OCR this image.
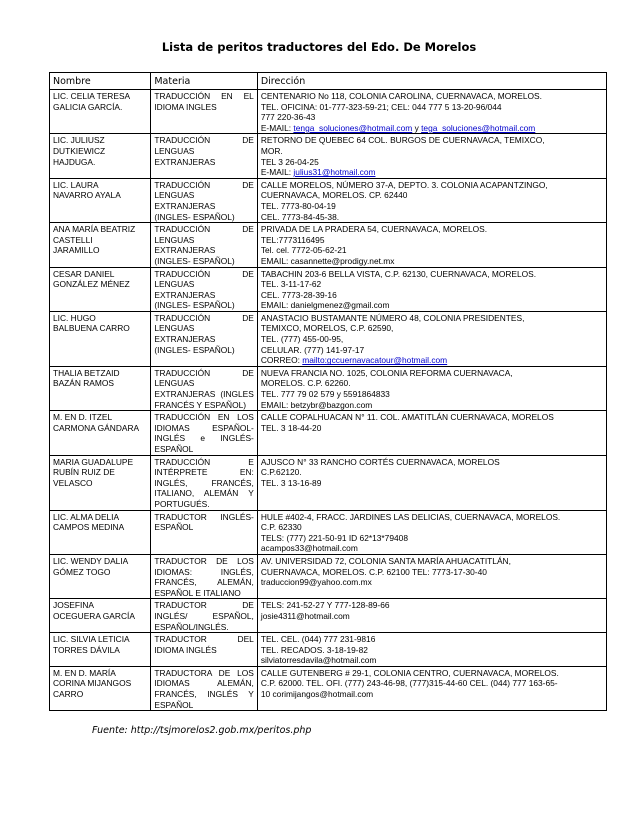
Lista de peritos traductores del Edo. De Morelos
Nombre	Materia	Dirección

LIC. CELIA TERESA
GALICIA GARCÍA.	TRADUCCIÓN EN EL IDIOMA INGLES	CENTENARIO No 118, COLONIA CAROLINA, CUERNAVACA, MORELOS.
TEL. OFICINA: 01-777-323-59-21; CEL: 044 777 5 13-20-96/044
777 220-36-43
E-MAIL: tenga_soluciones@hotmail.com y tega_soluciones@hotmail.com

LIC. JULIUSZ
DUTKIEWICZ
HAJDUGA.	TRADUCCIÓN DE LENGUAS EXTRANJERAS	RETORNO DE QUEBEC 64 COL. BURGOS DE CUERNAVACA, TEMIXCO,
MOR.
TEL 3 26-04-25
E-MAIL: julius31@hotmail.com

LIC. LAURA
NAVARRO AYALA	TRADUCCIÓN DE LENGUAS EXTRANJERAS (INGLES- ESPAÑOL)	CALLE MORELOS, NÚMERO 37-A, DEPTO. 3. COLONIA ACAPANTZINGO,
CUERNAVACA, MORELOS. CP. 62440
TEL. 7773-80-04-19
CEL. 7773-84-45-38.

ANA MARÍA BEATRIZ
CASTELLI
JARAMILLO	TRADUCCIÓN DE LENGUAS EXTRANJERAS (INGLES- ESPAÑOL)	PRIVADA DE LA PRADERA 54, CUERNAVACA, MORELOS.
TEL:7773116495
Tel. cel. 7772-05-62-21
EMAIL: casannette@prodigy.net.mx

CESAR DANIEL
GONZÁLEZ MÉNEZ	TRADUCCIÓN DE LENGUAS EXTRANJERAS (INGLES- ESPAÑOL)	TABACHIN 203-6 BELLA VISTA, C.P. 62130, CUERNAVACA, MORELOS.
TEL. 3-11-17-62
CEL. 7773-28-39-16
EMAIL: danielgmenez@gmail.com

LIC. HUGO
BALBUENA CARRO	TRADUCCIÓN DE LENGUAS EXTRANJERAS (INGLES- ESPAÑOL)	ANASTACIO BUSTAMANTE NÚMERO 48, COLONIA PRESIDENTES,
TEMIXCO, MORELOS, C.P. 62590,
TEL. (777) 455-00-95,
CELULAR. (777) 141-97-17
CORREO: mailto:gccuernavacatour@hotmail.com

THALIA BETZAID
BAZÁN RAMOS	TRADUCCIÓN DE LENGUAS EXTRANJERAS (INGLES FRANCÉS Y ESPAÑOL)	NUEVA FRANCIA NO. 1025, COLONIA REFORMA CUERNAVACA,
MORELOS. C.P. 62260.
TEL. 777 79 02 579 y 5591864833
EMAIL: betzybr@bazgon.com

M. EN D. ITZEL
CARMONA GÁNDARA	TRADUCCIÓN EN LOS IDIOMAS ESPAÑOL-INGLÉS e INGLÉS- ESPAÑOL	CALLE COPALHUACAN N° 11. COL. AMATITLÁN CUERNAVACA, MORELOS
TEL. 3 18-44-20

MARIA GUADALUPE
RUBÍN RUIZ DE
VELASCO	TRADUCCIÓN E INTÉRPRETE EN: INGLÉS, FRANCÉS, ITALIANO, ALEMÁN Y PORTUGUÉS.	AJUSCO N° 33 RANCHO CORTÉS CUERNAVACA, MORELOS
C.P.62120.
TEL. 3 13-16-89

LIC. ALMA DELIA
CAMPOS MEDINA	TRADUCTOR INGLÉS- ESPAÑOL	HULE #402-4, FRACC. JARDINES LAS DELICIAS, CUERNAVACA, MORELOS.
C.P. 62330
TELS: (777) 221-50-91 ID 62*13*79408
acampos33@hotmail.com

LIC. WENDY DALIA
GÓMEZ TOGO	TRADUCTOR DE LOS IDIOMAS: INGLÉS, FRANCÉS, ALEMÁN, ESPAÑOL E ITALIANO	AV. UNIVERSIDAD 72, COLONIA SANTA MARÍA AHUACATITLÁN,
CUERNAVACA, MORELOS. C.P. 62100 TEL: 7773-17-30-40
traduccion99@yahoo.com.mx

JOSEFINA
OCEGUERA GARCÍA	TRADUCTOR DE INGLÉS/ ESPAÑOL, ESPAÑOL/INGLÉS.	TELS: 241-52-27 Y 777-128-89-66
josie4311@hotmail.com

LIC. SILVIA LETICIA
TORRES DÁVILA	TRADUCTOR DEL IDIOMA INGLÉS	TEL. CEL. (044) 777 231-9816
TEL. RECADOS. 3-18-19-82
silviatorresdavila@hotmail.com

M. EN D. MARÍA
CORINA MIJANGOS
CARRO	TRADUCTORA DE LOS IDIOMAS ALEMÁN, FRANCÉS, INGLÉS Y ESPAÑOL	CALLE GUTENBERG # 29-1, COLONIA CENTRO, CUERNAVACA, MORELOS.
C.P. 62000. TEL. OFI. (777) 243-46-98, (777)315-44-60 CEL. (044) 777 163-65-
10 corimijangos@hotmail.com
Fuente: http://tsjmorelos2.gob.mx/peritos.php
